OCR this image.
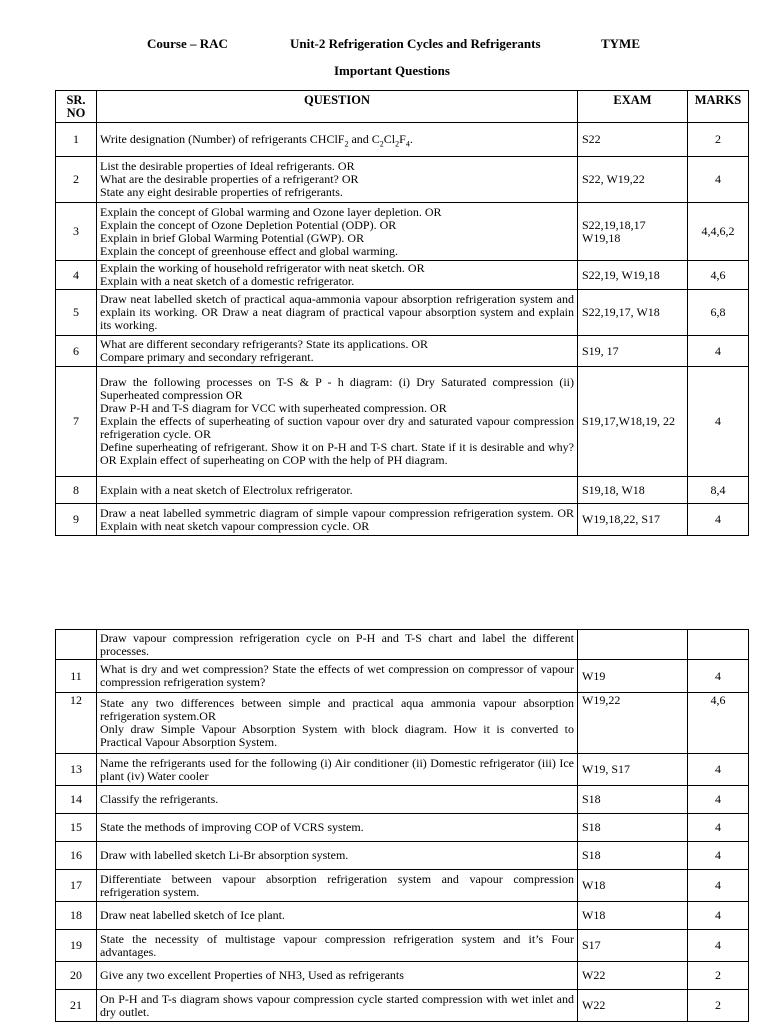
Course – RAC	Unit-2 Refrigeration Cycles and Refrigerants	TYME
Important Questions
SR.
NO	QUESTION	EXAM	MARKS
1	Write designation (Number) of refrigerants CHClF$_2$ and $C_2Cl_2F_4$.	S22	2
2	List the desirable properties of Ideal refrigerants. OR
What are the desirable properties of a refrigerant? OR
State any eight desirable properties of refrigerants.	S22, W19,22	4
3	Explain the concept of Global warming and Ozone layer depletion. OR
Explain the concept of Ozone Depletion Potential (ODP). OR
Explain in brief Global Warming Potential (GWP). OR
Explain the concept of greenhouse effect and global warming.	S22,19,18,17 W19,18	4,4,6,2
4	Explain the working of household refrigerator with neat sketch. OR
Explain with a neat sketch of a domestic refrigerator.	S22,19, W19,18	4,6
5	Draw neat labelled sketch of practical aqua-ammonia vapour absorption refrigeration system and explain its working. OR Draw a neat diagram of practical vapour absorption system and explain its working.	S22,19,17, W18	6,8
6	What are different secondary refrigerants? State its applications. OR
Compare primary and secondary refrigerant.	S19, 17	4
7	Draw the following processes on T-S & P - h diagram: (i) Dry Saturated compression (ii) Superheated compression OR
Draw P-H and T-S diagram for VCC with superheated compression. OR
Explain the effects of superheating of suction vapour over dry and saturated vapour compression refrigeration cycle. OR
Define superheating of refrigerant. Show it on P-H and T-S chart. State if it is desirable and why? OR Explain effect of superheating on COP with the help of PH diagram.	S19,17,W18,19, 22	4
8	Explain with a neat sketch of Electrolux refrigerator.	S19,18, W18	8,4
9	Draw a neat labelled symmetric diagram of simple vapour compression refrigeration system. OR Explain with neat sketch vapour compression cycle. OR	W19,18,22, S17	4

	Draw vapour compression refrigeration cycle on P-H and T-S chart and label the different processes.		

11	What is dry and wet compression? State the effects of wet compression on compressor of vapour compression refrigeration system?	W19	4
12	State any two differences between simple and practical aqua ammonia vapour absorption refrigeration system.OR
Only draw Simple Vapour Absorption System with block diagram. How it is converted to Practical Vapour Absorption System.	W19,22	4,6
13	Name the refrigerants used for the following (i) Air conditioner (ii) Domestic refrigerator (iii) Ice plant (iv) Water cooler	W19, S17	4
14	Classify the refrigerants.	S18	4
15	State the methods of improving COP of VCRS system.	S18	4
16	Draw with labelled sketch Li-Br absorption system.	S18	4
17	Differentiate between vapour absorption refrigeration system and vapour compression refrigeration system.	W18	4
18	Draw neat labelled sketch of Ice plant.	W18	4
19	State the necessity of multistage vapour compression refrigeration system and it’s Four advantages.	S17	4
20	Give any two excellent Properties of NH3, Used as refrigerants	W22	2
21	On P-H and T-s diagram shows vapour compression cycle started compression with wet inlet and dry outlet.	W22	2
